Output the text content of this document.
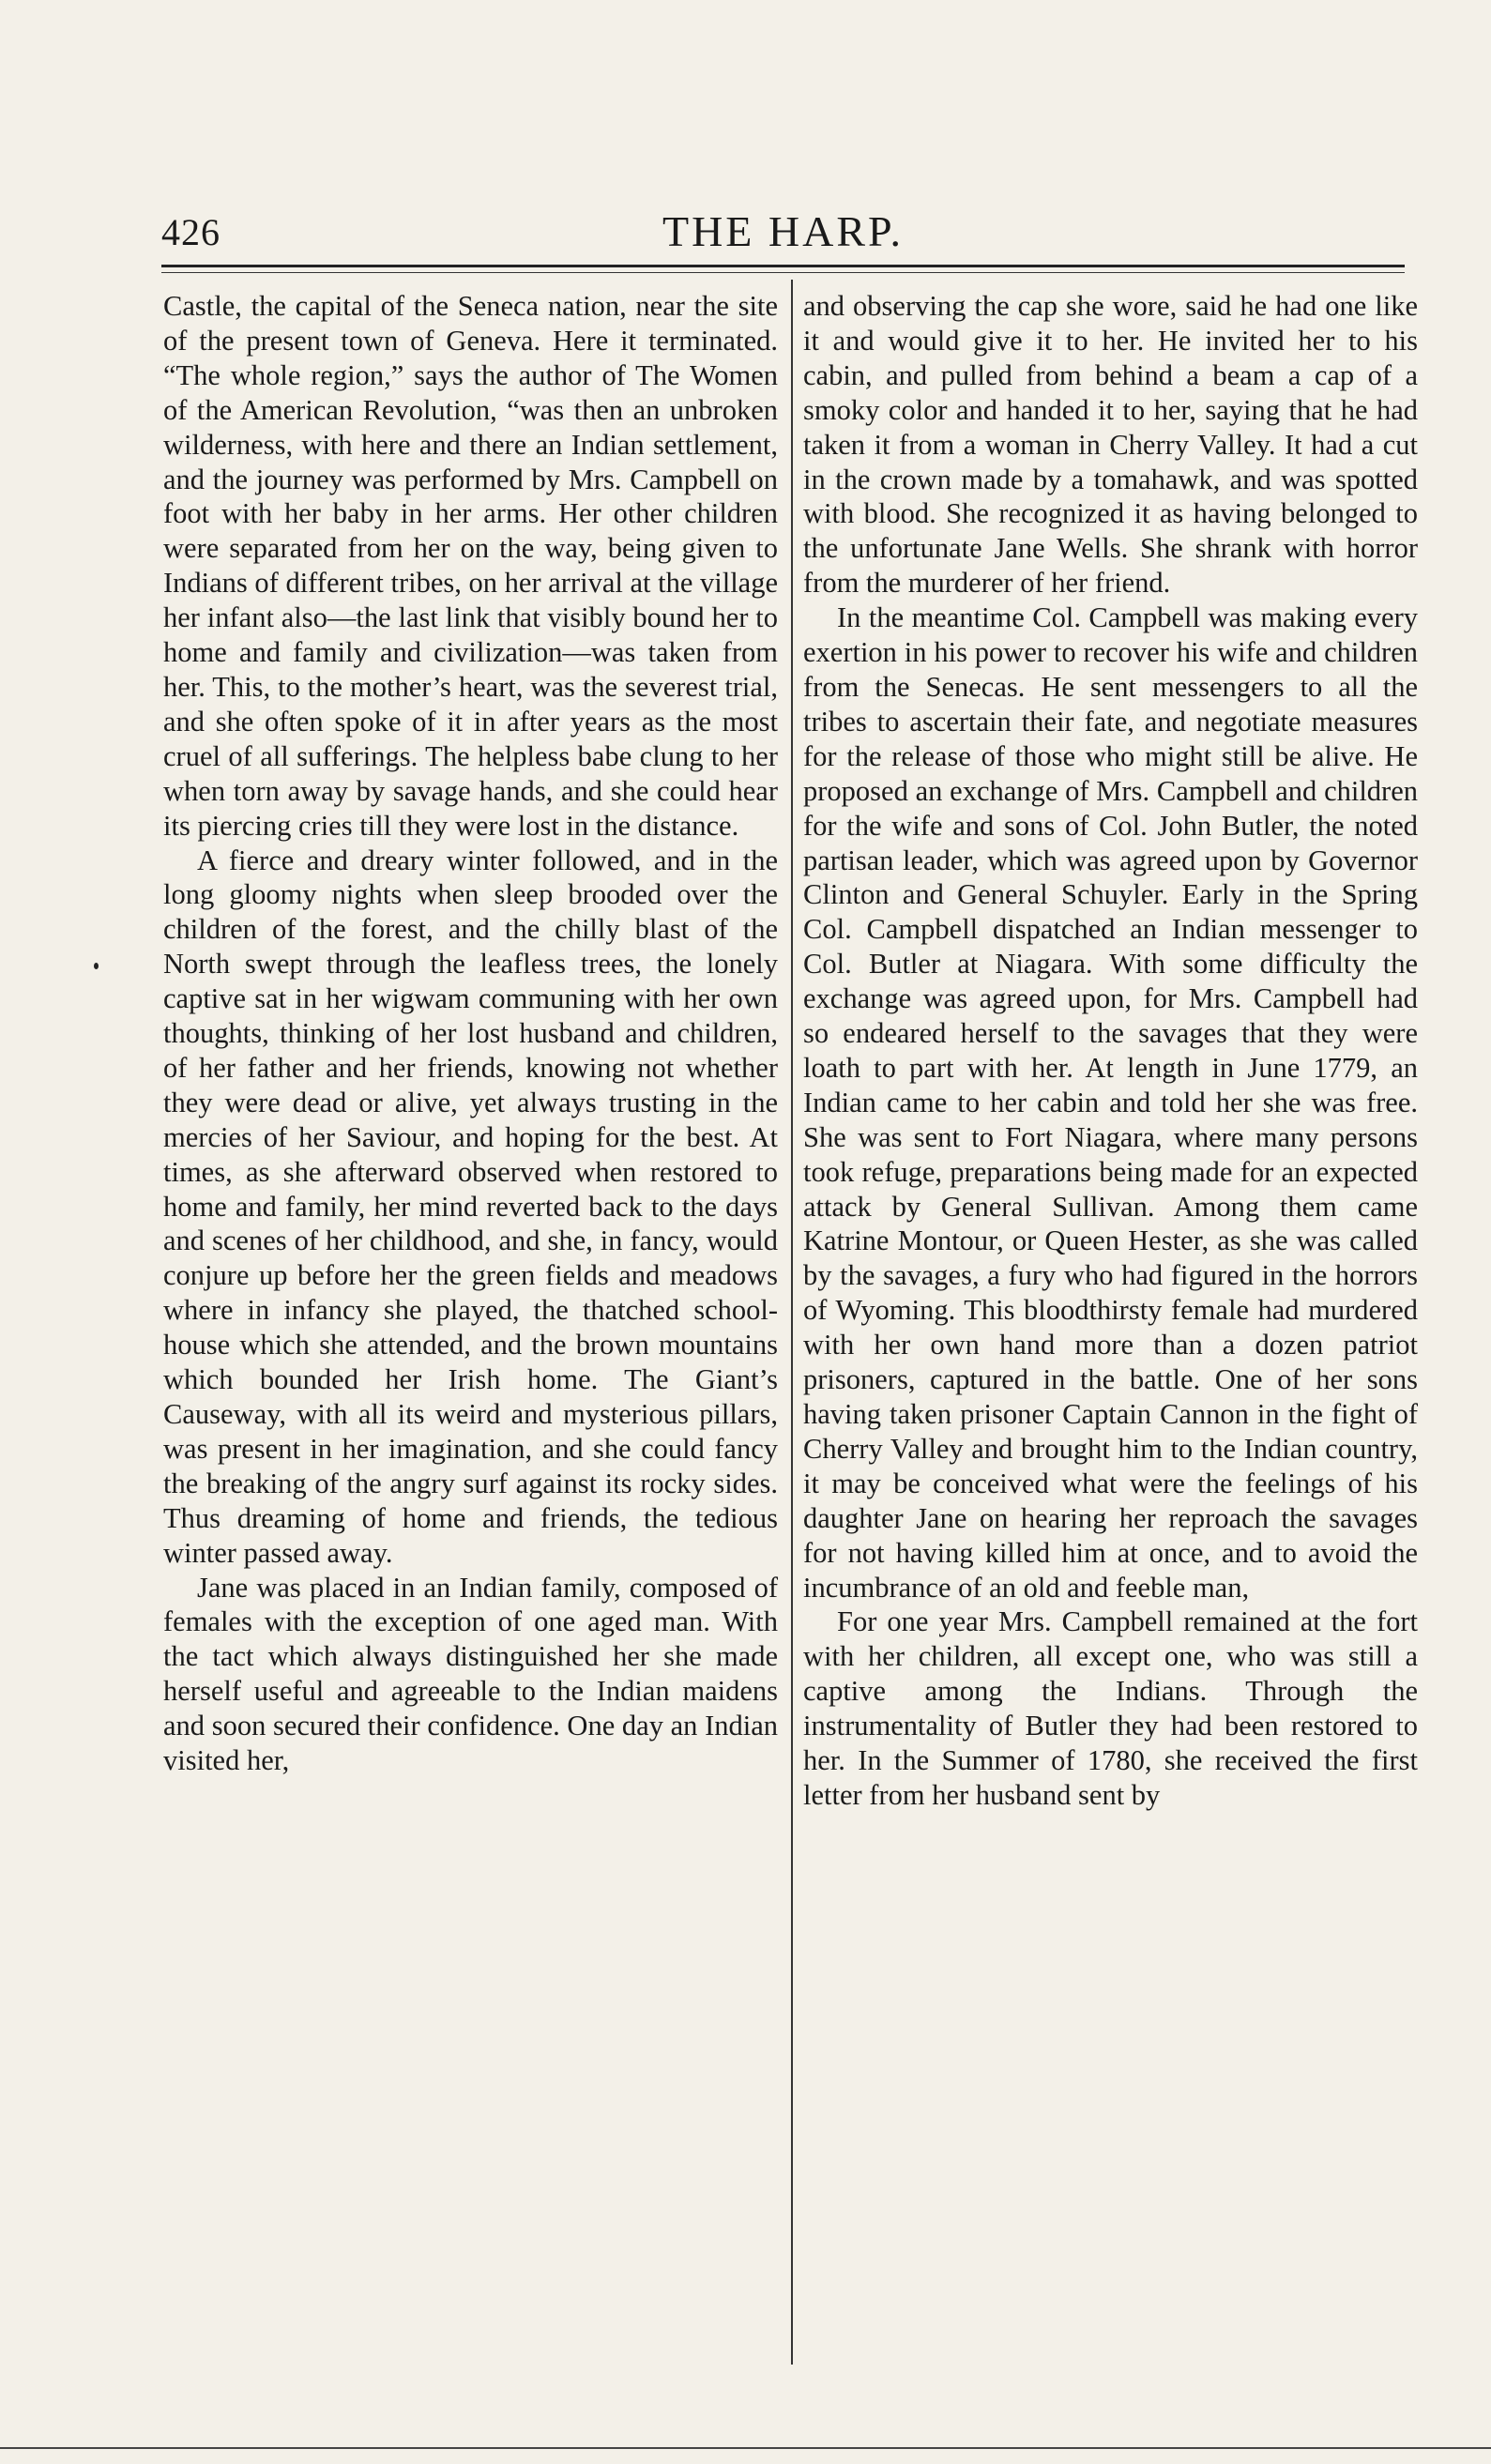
426	THE HARP.

Castle, the capital of the Seneca nation, near the site of the present town of Geneva. Here it terminated. “The whole region,” says the author of The Women of the American Revolution, “was then an unbroken wilderness, with here and there an Indian settlement, and the journey was performed by Mrs. Campbell on foot with her baby in her arms. Her other children were separated from her on the way, being given to Indians of different tribes, on her arrival at the village her infant also—the last link that visibly bound her to home and family and civilization—was taken from her. This, to the mother’s heart, was the severest trial, and she often spoke of it in after years as the most cruel of all sufferings. The helpless babe clung to her when torn away by savage hands, and she could hear its piercing cries till they were lost in the distance.

A fierce and dreary winter followed, and in the long gloomy nights when sleep brooded over the children of the forest, and the chilly blast of the North swept through the leafless trees, the lonely captive sat in her wigwam communing with her own thoughts, thinking of her lost husband and children, of her father and her friends, knowing not whether they were dead or alive, yet always trusting in the mercies of her Saviour, and hoping for the best. At times, as she afterward observed when restored to home and family, her mind reverted back to the days and scenes of her childhood, and she, in fancy, would conjure up before her the green fields and meadows where in infancy she played, the thatched school-house which she attended, and the brown mountains which bounded her Irish home. The Giant’s Causeway, with all its weird and mysterious pillars, was present in her imagination, and she could fancy the breaking of the angry surf against its rocky sides. Thus dreaming of home and friends, the tedious winter passed away.

Jane was placed in an Indian family, composed of females with the exception of one aged man. With the tact which always distinguished her she made herself useful and agreeable to the Indian maidens and soon secured their confidence. One day an Indian visited her,

and observing the cap she wore, said he had one like it and would give it to her. He invited her to his cabin, and pulled from behind a beam a cap of a smoky color and handed it to her, saying that he had taken it from a woman in Cherry Valley. It had a cut in the crown made by a tomahawk, and was spotted with blood. She recognized it as having belonged to the unfortunate Jane Wells. She shrank with horror from the murderer of her friend.

In the meantime Col. Campbell was making every exertion in his power to recover his wife and children from the Senecas. He sent messengers to all the tribes to ascertain their fate, and negotiate measures for the release of those who might still be alive. He proposed an exchange of Mrs. Campbell and children for the wife and sons of Col. John Butler, the noted partisan leader, which was agreed upon by Governor Clinton and General Schuyler. Early in the Spring Col. Campbell dispatched an Indian messenger to Col. Butler at Niagara. With some difficulty the exchange was agreed upon, for Mrs. Campbell had so endeared herself to the savages that they were loath to part with her. At length in June 1779, an Indian came to her cabin and told her she was free. She was sent to Fort Niagara, where many persons took refuge, preparations being made for an expected attack by General Sullivan. Among them came Katrine Montour, or Queen Hester, as she was called by the savages, a fury who had figured in the horrors of Wyoming. This bloodthirsty female had murdered with her own hand more than a dozen patriot prisoners, captured in the battle. One of her sons having taken prisoner Captain Cannon in the fight of Cherry Valley and brought him to the Indian country, it may be conceived what were the feelings of his daughter Jane on hearing her reproach the savages for not having killed him at once, and to avoid the incumbrance of an old and feeble man,

For one year Mrs. Campbell remained at the fort with her children, all except one, who was still a captive among the Indians. Through the instrumentality of Butler they had been restored to her. In the Summer of 1780, she received the first letter from her husband sent by
